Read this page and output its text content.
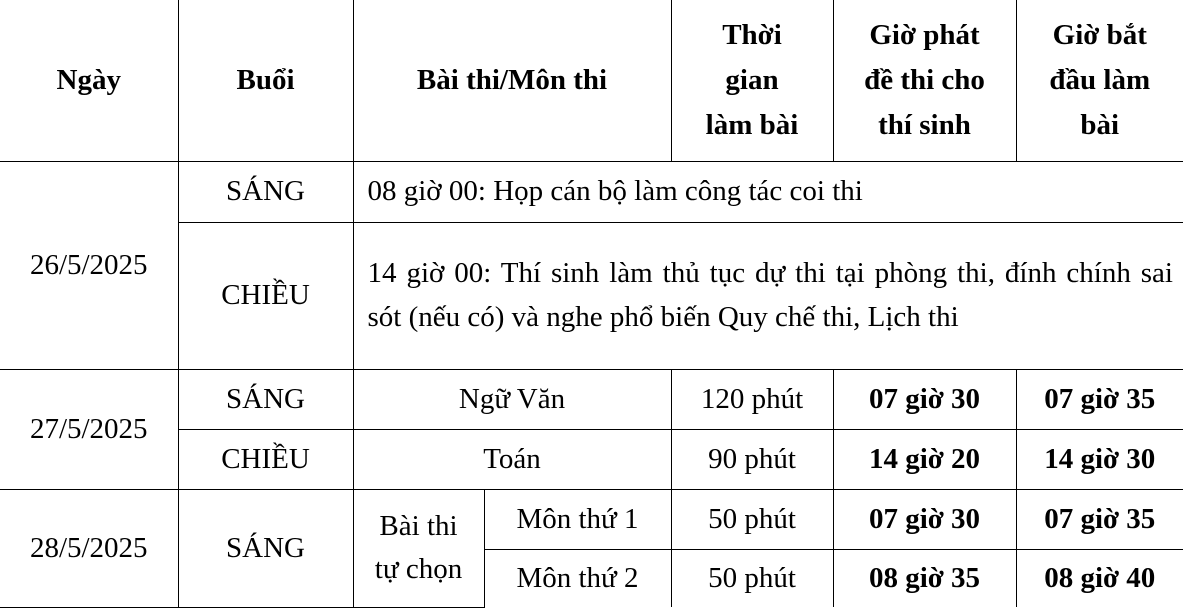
Ngày	Buổi	Bài thi/Môn thi		Thời
gian
làm bài	Giờ phát
đề thi cho
thí sinh	Giờ bắt
đầu làm
bài
26/5/2025	SÁNG	08 giờ 00: Họp cán bộ làm công tác coi thi				
	CHIỀU	14 giờ 00: Thí sinh làm thủ tục dự thi tại phòng thi, đính chính sai sót (nếu có) và nghe phổ biến Quy chế thi, Lịch thi				
27/5/2025	SÁNG	Ngữ Văn		120 phút	07 giờ 30	07 giờ 35
	CHIỀU	Toán		90 phút	14 giờ 20	14 giờ 30
28/5/2025	SÁNG	Bài thi
tự chọn	Môn thứ 1	50 phút	07 giờ 30	07 giờ 35
			Môn thứ 2	50 phút	08 giờ 35	08 giờ 40
